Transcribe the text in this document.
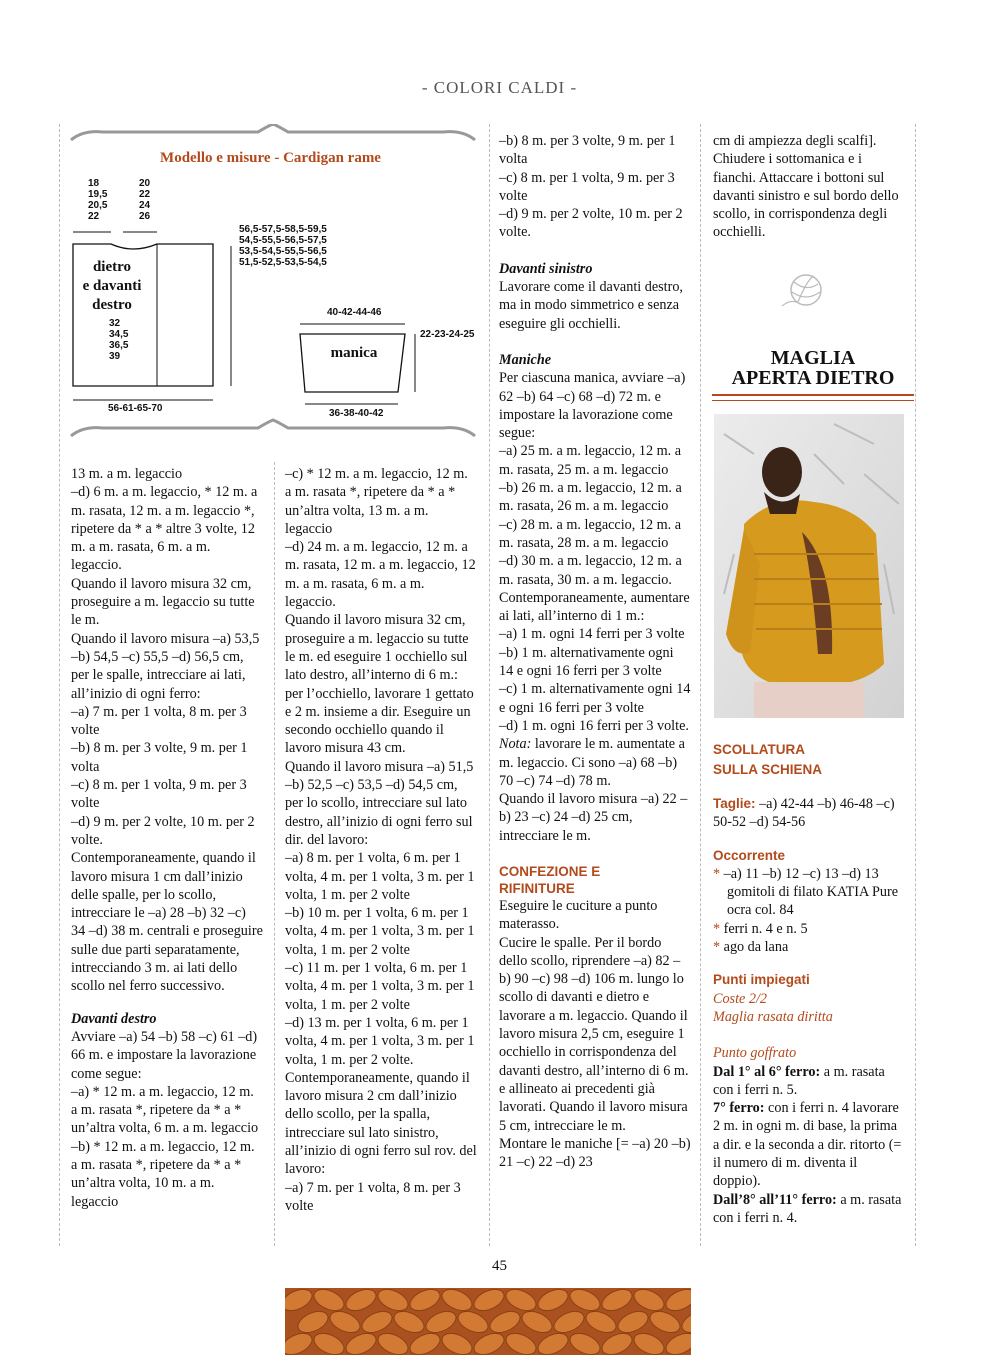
- COLORI CALDI -
Modello e misure - Cardigan rame
18
19,5
20,5
22
20
22
24
26
56,5-57,5-58,5-59,5
54,5-55,5-56,5-57,5
53,5-54,5-55,5-56,5
51,5-52,5-53,5-54,5
dietro
e davanti
destro
32
34,5
36,5
39
56-61-65-70
40-42-44-46
22-23-24-25
manica
36-38-40-42

13 m. a m. legaccio

–d) 6 m. a m. legaccio, * 12 m. a m. rasata, 12 m. a m. legaccio *, ripetere da * a * altre 3 volte, 12 m. a m. rasata, 6 m. a m. legaccio.

Quando il lavoro misura 32 cm, proseguire a m. legaccio su tutte le m.

Quando il lavoro misura –a) 53,5 –b) 54,5 –c) 55,5 –d) 56,5 cm, per le spalle, intrecciare ai lati, all’inizio di ogni ferro:

–a) 7 m. per 1 volta, 8 m. per 3 volte

–b) 8 m. per 3 volte, 9 m. per 1 volta

–c) 8 m. per 1 volta, 9 m. per 3 volte

–d) 9 m. per 2 volte, 10 m. per 2 volte.

Contemporaneamente, quando il lavoro misura 1 cm dall’inizio delle spalle, per lo scollo, intrecciare le –a) 28 –b) 32 –c) 34 –d) 38 m. centrali e proseguire sulle due parti separatamente, intrecciando 3 m. ai lati dello scollo nel ferro successivo.

Davanti destro

Avviare –a) 54 –b) 58 –c) 61 –d) 66 m. e impostare la lavorazione come segue:

–a) * 12 m. a m. legaccio, 12 m. a m. rasata *, ripetere da * a * un’altra volta, 6 m. a m. legaccio

–b) * 12 m. a m. legaccio, 12 m. a m. rasata *, ripetere da * a * un’altra volta, 10 m. a m. legaccio

–c) * 12 m. a m. legaccio, 12 m. a m. rasata *, ripetere da * a * un’altra volta, 13 m. a m. legaccio

–d) 24 m. a m. legaccio, 12 m. a m. rasata, 12 m. a m. legaccio, 12 m. a m. rasata, 6 m. a m. legaccio.

Quando il lavoro misura 32 cm, proseguire a m. legaccio su tutte le m. ed eseguire 1 occhiello sul lato destro, all’interno di 6 m.: per l’occhiello, lavorare 1 gettato e 2 m. insieme a dir. Eseguire un secondo occhiello quando il lavoro misura 43 cm.

Quando il lavoro misura –a) 51,5 –b) 52,5 –c) 53,5 –d) 54,5 cm, per lo scollo, intrecciare sul lato destro, all’inizio di ogni ferro sul dir. del lavoro:

–a) 8 m. per 1 volta, 6 m. per 1 volta, 4 m. per 1 volta, 3 m. per 1 volta, 1 m. per 2 volte

–b) 10 m. per 1 volta, 6 m. per 1 volta, 4 m. per 1 volta, 3 m. per 1 volta, 1 m. per 2 volte

–c) 11 m. per 1 volta, 6 m. per 1 volta, 4 m. per 1 volta, 3 m. per 1 volta, 1 m. per 2 volte

–d) 13 m. per 1 volta, 6 m. per 1 volta, 4 m. per 1 volta, 3 m. per 1 volta, 1 m. per 2 volte.

Contemporaneamente, quando il lavoro misura 2 cm dall’inizio dello scollo, per la spalla, intrecciare sul lato sinistro, all’inizio di ogni ferro sul rov. del lavoro:

–a) 7 m. per 1 volta, 8 m. per 3 volte

–b) 8 m. per 3 volte, 9 m. per 1 volta

–c) 8 m. per 1 volta, 9 m. per 3 volte

–d) 9 m. per 2 volte, 10 m. per 2 volte.

Davanti sinistro

Lavorare come il davanti destro, ma in modo simmetrico e senza eseguire gli occhielli.

Maniche

Per ciascuna manica, avviare –a) 62 –b) 64 –c) 68 –d) 72 m. e impostare la lavorazione come segue:

–a) 25 m. a m. legaccio, 12 m. a m. rasata, 25 m. a m. legaccio

–b) 26 m. a m. legaccio, 12 m. a m. rasata, 26 m. a m. legaccio

–c) 28 m. a m. legaccio, 12 m. a m. rasata, 28 m. a m. legaccio

–d) 30 m. a m. legaccio, 12 m. a m. rasata, 30 m. a m. legaccio.

Contemporaneamente, aumentare ai lati, all’interno di 1 m.:

–a) 1 m. ogni 14 ferri per 3 volte

–b) 1 m. alternativamente ogni 14 e ogni 16 ferri per 3 volte

–c) 1 m. alternativamente ogni 14 e ogni 16 ferri per 3 volte

–d) 1 m. ogni 16 ferri per 3 volte.

Nota: lavorare le m. aumentate a m. legaccio. Ci sono –a) 68 –b) 70 –c) 74 –d) 78 m.

Quando il lavoro misura –a) 22 –b) 23 –c) 24 –d) 25 cm, intrecciare le m.

CONFEZIONE E RIFINITURE

Eseguire le cuciture a punto materasso.

Cucire le spalle. Per il bordo dello scollo, riprendere –a) 82 –b) 90 –c) 98 –d) 106 m. lungo lo scollo di davanti e dietro e lavorare a m. legaccio. Quando il lavoro misura 2,5 cm, eseguire 1 occhiello in corrispondenza del davanti destro, all’interno di 6 m. e allineato ai precedenti già lavorati. Quando il lavoro misura 5 cm, intrecciare le m.

Montare le maniche [= –a) 20 –b) 21 –c) 22 –d) 23

cm di ampiezza degli scalfi]. Chiudere i sottomanica e i fianchi. Attaccare i bottoni sul davanti sinistro e sul bordo dello scollo, in corrispondenza degli occhielli.

MAGLIA
APERTA DIETRO

SCOLLATURA SULLA SCHIENA

Taglie: –a) 42-44 –b) 46-48 –c) 50-52 –d) 54-56

Occorrente

* –a) 11 –b) 12 –c) 13 –d) 13 gomitoli di filato KATIA Pure ocra col. 84

* ferri n. 4 e n. 5

* ago da lana

Punti impiegati

Coste 2/2

Maglia rasata diritta

Punto goffrato

Dal 1° al 6° ferro: a m. rasata con i ferri n. 5.

7° ferro: con i ferri n. 4 lavorare 2 m. in ogni m. di base, la prima a dir. e la seconda a dir. ritorto (= il numero di m. diventa il doppio).

Dall’8° all’11° ferro: a m. rasata con i ferri n. 4.

45
